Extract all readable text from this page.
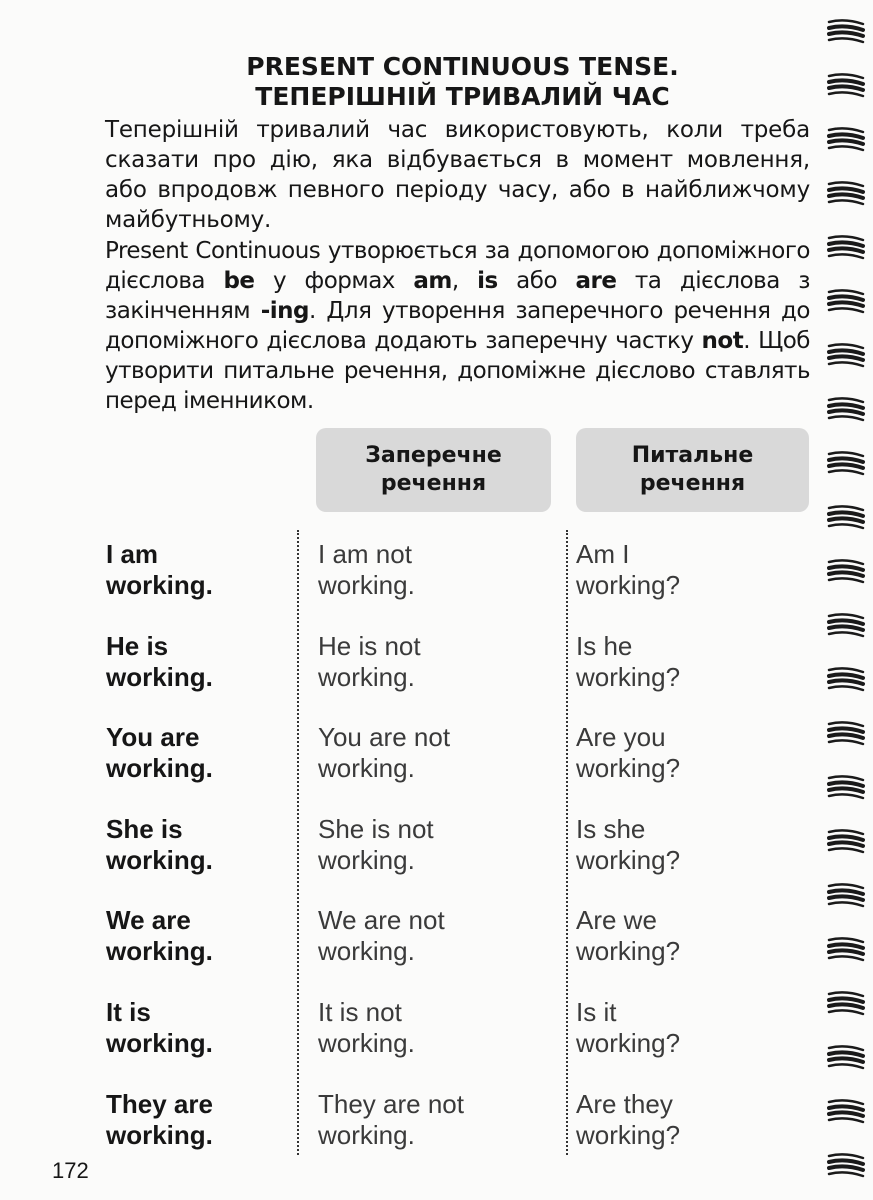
PRESENT CONTINUOUS TENSE.
ТЕПЕРІШНІЙ ТРИВАЛИЙ ЧАС
Теперішній тривалий час використовують, коли треба сказати про дію, яка відбувається в момент мовлення, або впродовж певного періоду часу, або в найближчому майбутньому.
Present Continuous утворюється за допомогою допоміжного дієслова be у формах am, is або are та дієслова з закінченням -ing. Для утворення заперечного речення до допоміжного дієслова додають заперечну частку not. Щоб утворити питальне речення, допоміжне дієслово ставлять перед іменником.
Заперечне
речення
Питальне
речення
I am
working.
I am not
working.
Am I
working?
He is
working.
He is not
working.
Is he
working?
You are
working.
You are not
working.
Are you
working?
She is
working.
She is not
working.
Is she
working?
We are
working.
We are not
working.
Are we
working?
It is
working.
It is not
working.
Is it
working?
They are
working.
They are not
working.
Are they
working?
172
